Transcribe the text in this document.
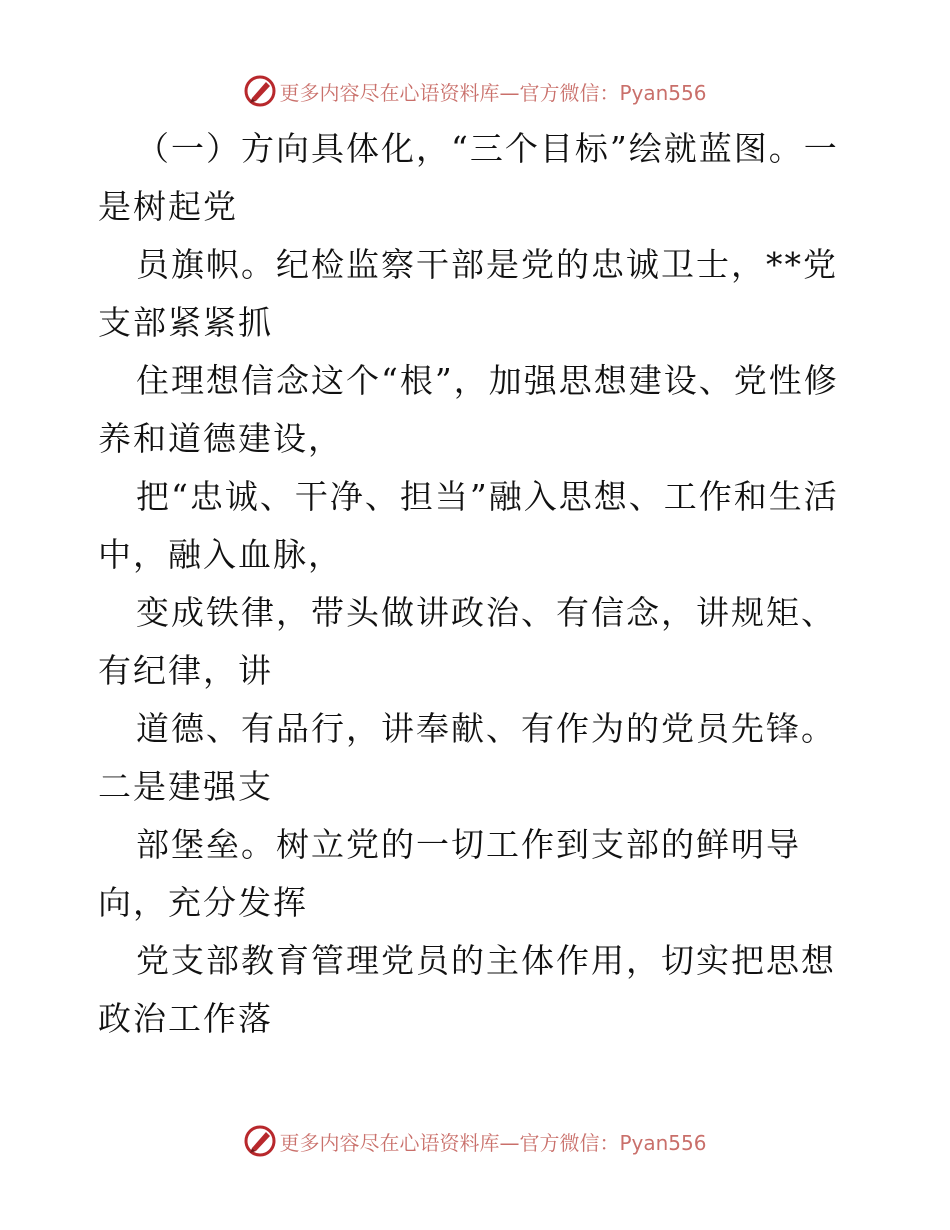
更多内容尽在心语资料库—官方微信：Pyan556

（一）方向具体化，“三个目标”绘就蓝图。一是树起党

员旗帜。纪检监察干部是党的忠诚卫士，**党支部紧紧抓

住理想信念这个“根”，加强思想建设、党性修养和道德建设，

把“忠诚、干净、担当”融入思想、工作和生活中，融入血脉，

变成铁律，带头做讲政治、有信念，讲规矩、有纪律，讲

道德、有品行，讲奉献、有作为的党员先锋。二是建强支

部堡垒。树立党的一切工作到支部的鲜明导向，充分发挥

党支部教育管理党员的主体作用，切实把思想政治工作落

更多内容尽在心语资料库—官方微信：Pyan556
